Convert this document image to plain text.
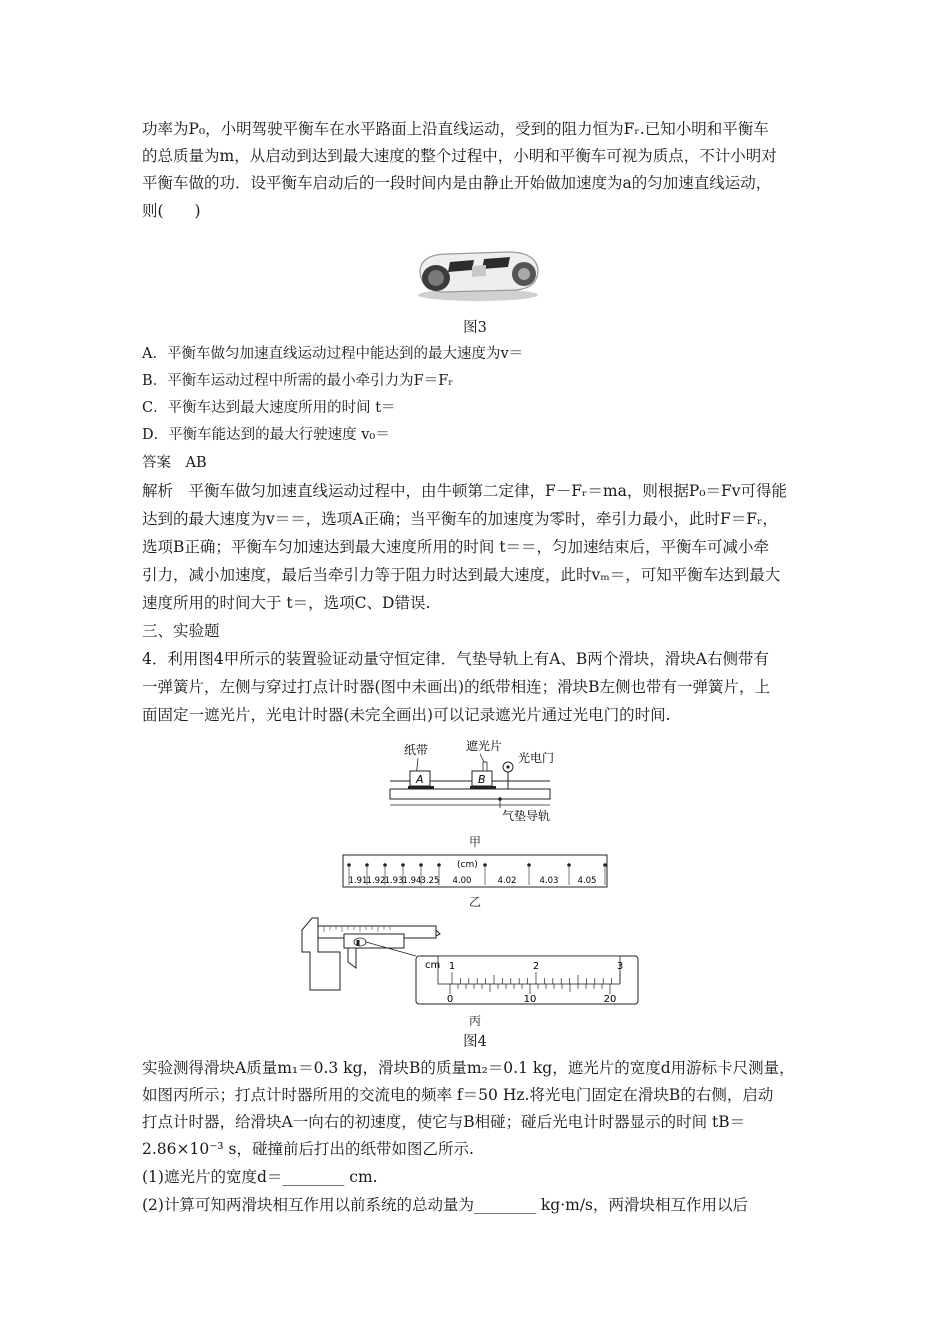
功率为P₀，小明驾驶平衡车在水平路面上沿直线运动，受到的阻力恒为Fᵣ.已知小明和平衡车
的总质量为m，从启动到达到最大速度的整个过程中，小明和平衡车可视为质点，不计小明对
平衡车做的功．设平衡车启动后的一段时间内是由静止开始做加速度为a的匀加速直线运动，
则(　　)
图3
A．平衡车做匀加速直线运动过程中能达到的最大速度为v＝
B．平衡车运动过程中所需的最小牵引力为F＝Fᵣ
C．平衡车达到最大速度所用的时间 t＝
D．平衡车能达到的最大行驶速度 v₀＝
答案　AB
解析　平衡车做匀加速直线运动过程中，由牛顿第二定律，F－Fᵣ＝ma，则根据P₀＝Fv可得能
达到的最大速度为v＝＝，选项A正确；当平衡车的加速度为零时，牵引力最小，此时F＝Fᵣ，
选项B正确；平衡车匀加速达到最大速度所用的时间 t＝＝，匀加速结束后，平衡车可减小牵
引力，减小加速度，最后当牵引力等于阻力时达到最大速度，此时vₘ＝，可知平衡车达到最大
速度所用的时间大于 t＝，选项C、D错误.
三、实验题
4．利用图4甲所示的装置验证动量守恒定律．气垫导轨上有A、B两个滑块，滑块A右侧带有
一弹簧片，左侧与穿过打点计时器(图中未画出)的纸带相连；滑块B左侧也带有一弹簧片，上
面固定一遮光片，光电计时器(未完全画出)可以记录遮光片通过光电门的时间.
纸带	遮光片
光电门
A	B
气垫导轨
甲
(cm)
1.91 1.92 1.93 1.94 3.25 4.00	4.02	4.03 4.05
乙
cm 1	2	3
0	10	20
丙
图4
实验测得滑块A质量m₁＝0.3 kg，滑块B的质量m₂＝0.1 kg，遮光片的宽度d用游标卡尺测量，
如图丙所示；打点计时器所用的交流电的频率 f＝50 Hz.将光电门固定在滑块B的右侧，启动
打点计时器，给滑块A一向右的初速度，使它与B相碰；碰后光电计时器显示的时间 tB＝
2.86×10⁻³ s，碰撞前后打出的纸带如图乙所示.
(1)遮光片的宽度d＝________ cm.
(2)计算可知两滑块相互作用以前系统的总动量为________ kg·m/s，两滑块相互作用以后
